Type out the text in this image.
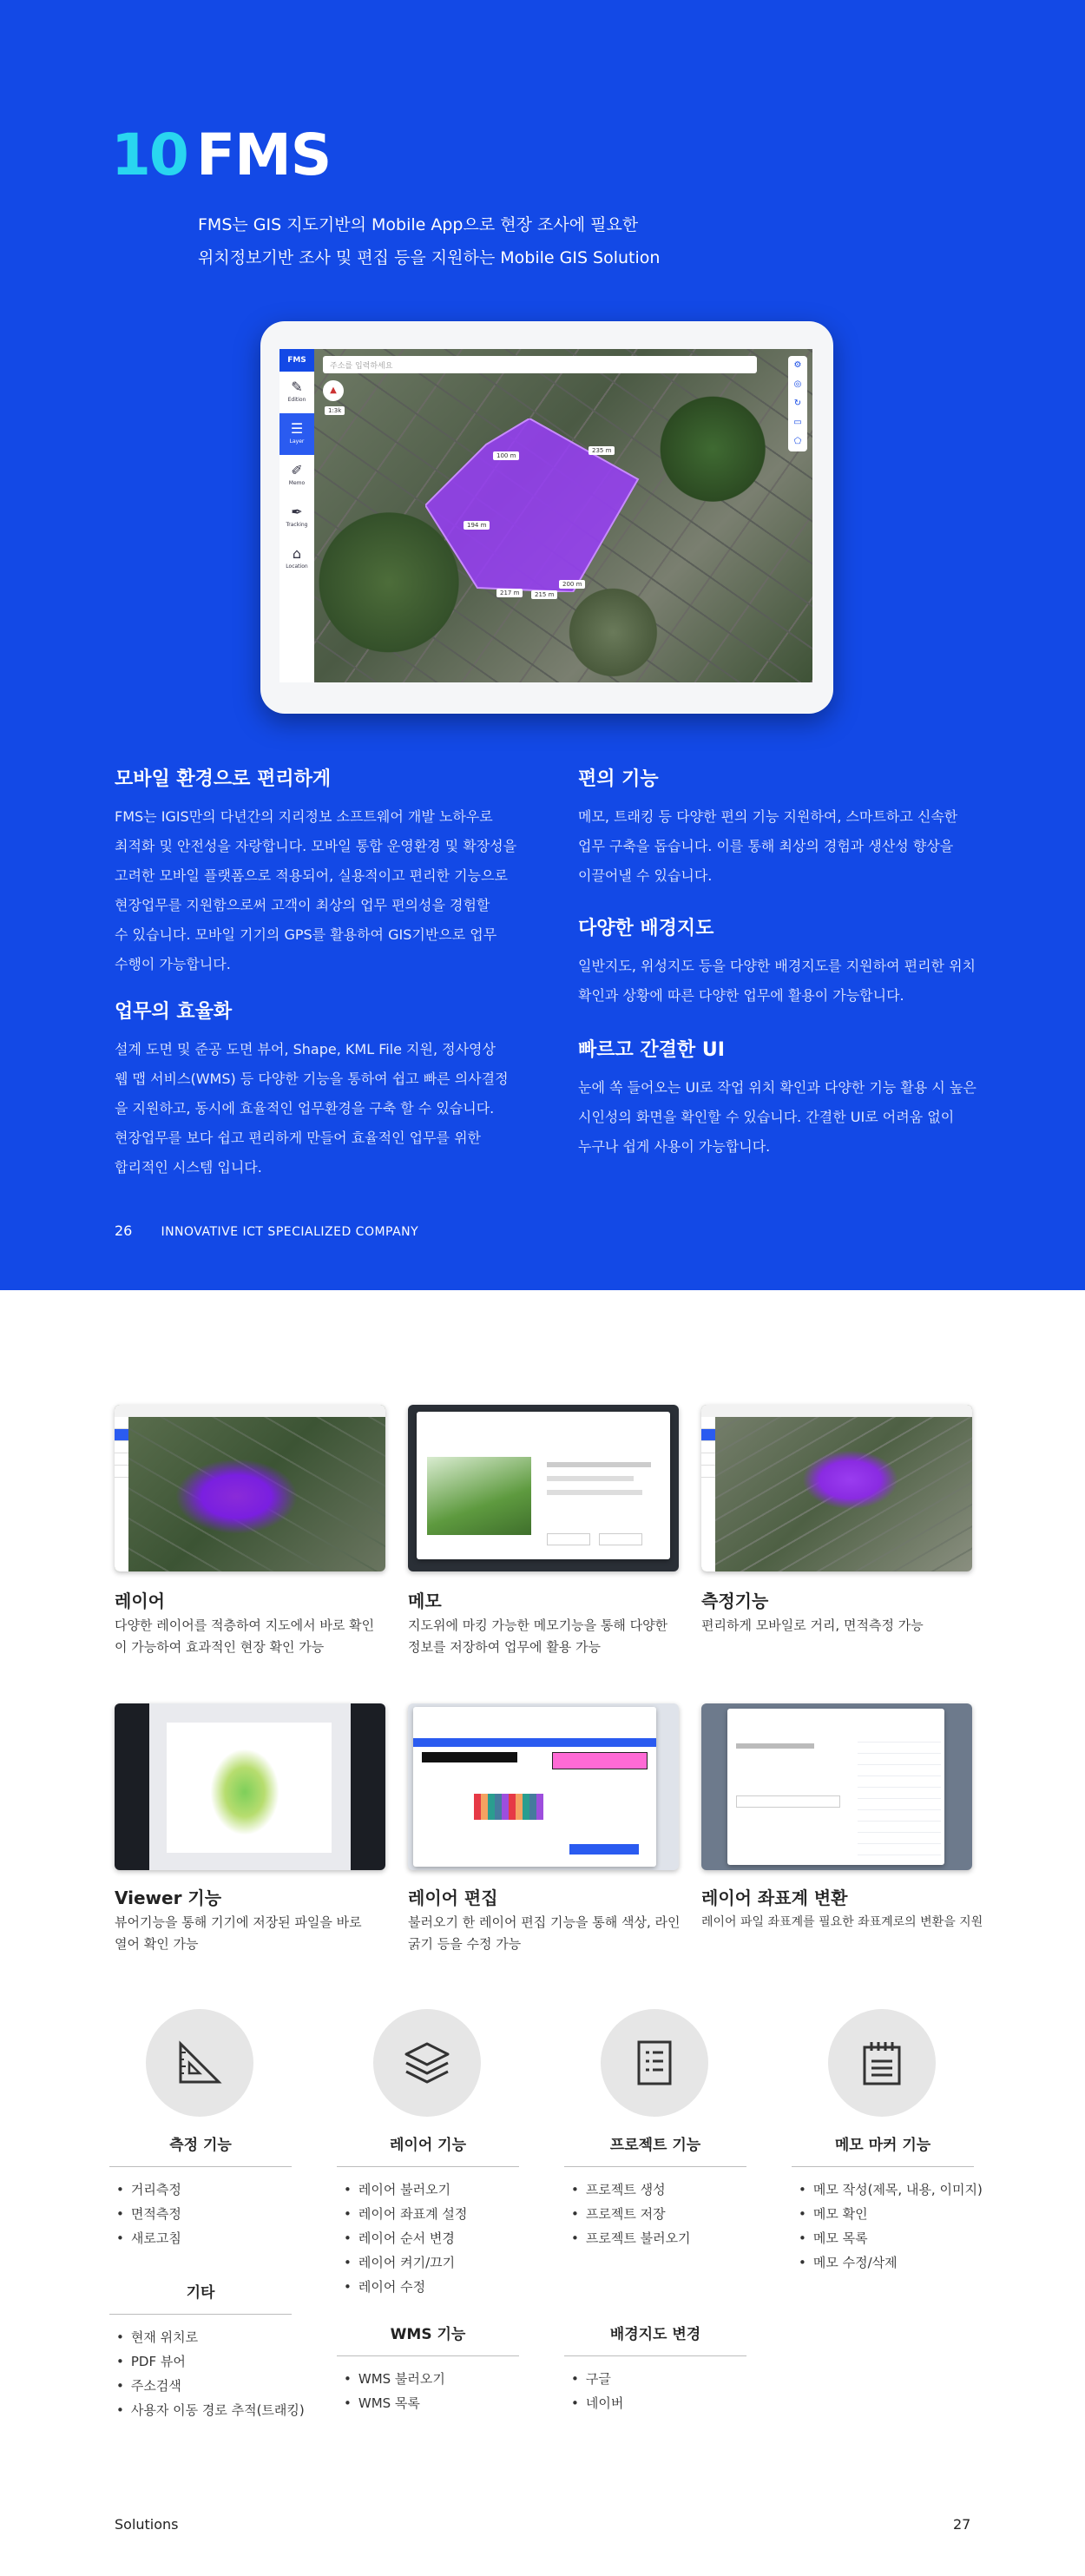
10 FMS
FMS는 GIS 지도기반의 Mobile App으로 현장 조사에 필요한
위치정보기반 조사 및 편집 등을 지원하는 Mobile GIS Solution
FMS
✎
Edition
☰
Layer
✐
Memo
✒
Tracking
⌂
Location
주소를 입력하세요
▲
1:3k
⚙
◎
↻
▭
⬠
100 m
235 m
200 m
217 m	215 m
194 m
모바일 환경으로 편리하게
FMS는 IGIS만의 다년간의 지리정보 소프트웨어 개발 노하우로
최적화 및 안전성을 자랑합니다. 모바일 통합 운영환경 및 확장성을
고려한 모바일 플랫폼으로 적용되어, 실용적이고 편리한 기능으로
현장업무를 지원함으로써 고객이 최상의 업무 편의성을 경험할
수 있습니다. 모바일 기기의 GPS를 활용하여 GIS기반으로 업무
수행이 가능합니다.
업무의 효율화
설계 도면 및 준공 도면 뷰어, Shape, KML File 지원, 정사영상
웹 맵 서비스(WMS) 등 다양한 기능을 통하여 쉽고 빠른 의사결정
을 지원하고, 동시에 효율적인 업무환경을 구축 할 수 있습니다.
현장업무를 보다 쉽고 편리하게 만들어 효율적인 업무를 위한
합리적인 시스템 입니다.
편의 기능
메모, 트래킹 등 다양한 편의 기능 지원하여, 스마트하고 신속한
업무 구축을 돕습니다. 이를 통해 최상의 경험과 생산성 향상을
이끌어낼 수 있습니다.
다양한 배경지도
일반지도, 위성지도 등을 다양한 배경지도를 지원하여 편리한 위치
확인과 상황에 따른 다양한 업무에 활용이 가능합니다.
빠르고 간결한 UI
눈에 쏙 들어오는 UI로 작업 위치 확인과 다양한 기능 활용 시 높은
시인성의 화면을 확인할 수 있습니다. 간결한 UI로 어려움 없이
누구나 쉽게 사용이 가능합니다.
26 INNOVATIVE ICT SPECIALIZED COMPANY
레이어
다양한 레이어를 적층하여 지도에서 바로 확인
이 가능하여 효과적인 현장 확인 가능
메모
지도위에 마킹 가능한 메모기능을 통해 다양한
정보를 저장하여 업무에 활용 가능
측정기능
편리하게 모바일로 거리, 면적측정 가능
Viewer 기능
뷰어기능을 통해 기기에 저장된 파일을 바로
열어 확인 가능
레이어 편집
불러오기 한 레이어 편집 기능을 통해 색상, 라인
굵기 등을 수정 가능
레이어 좌표계 변환
레이어 파일 좌표계를 필요한 좌표계로의 변환을 지원
측정 기능	레이어 기능	프로젝트 기능	메모 마커 기능
• 거리측정
• 면적측정
• 새로고침
• 레이어 불러오기
• 레이어 좌표계 설정
• 레이어 순서 변경
• 레이어 켜기/끄기
• 레이어 수정
• 프로젝트 생성
• 프로젝트 저장
• 프로젝트 불러오기
• 메모 작성(제목, 내용, 이미지)
• 메모 확인
• 메모 목록
• 메모 수정/삭제
기타
WMS 기능	배경지도 변경
• 현재 위치로
• PDF 뷰어
• 주소검색
• 사용자 이동 경로 추적(트래킹)
• WMS 불러오기
• WMS 목록
• 구글
• 네이버
Solutions	27
